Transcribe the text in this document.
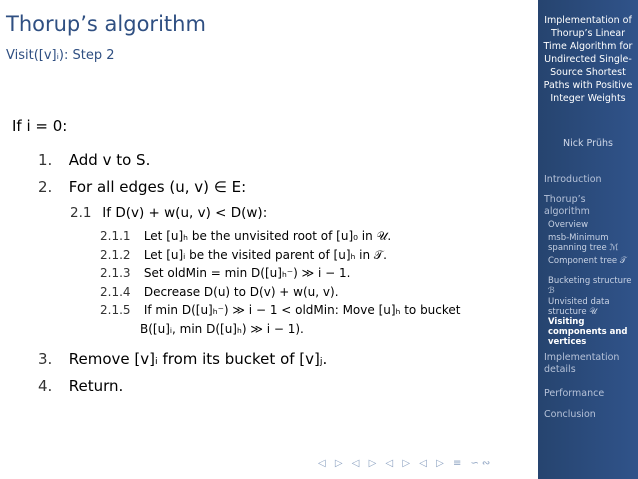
Thorup’s algorithm
Visit([v]ᵢ): Step 2
If i = 0:
1. Add v to S.
2. For all edges (u, v) ∈ E:
2.1 If D(v) + w(u, v) < D(w):
2.1.1 Let [u]ₕ be the unvisited root of [u]₀ in 𝒰.
2.1.2 Let [u]ᵢ be the visited parent of [u]ₕ in 𝒯.
2.1.3 Set oldMin = min D([u]ₕ⁻) ≫ i − 1.
2.1.4 Decrease D(u) to D(v) + w(u, v).
2.1.5 If min D([u]ₕ⁻) ≫ i − 1 < oldMin: Move [u]ₕ to bucket
B([u]ᵢ, min D([u]ₕ) ≫ i − 1).
3. Remove [v]ᵢ from its bucket of [v]ⱼ.
4. Return.
◁ ▷ ◁ ▷ ◁ ▷ ◁ ▷ ≡ ∽∾
Implementation of Thorup’s Linear Time Algorithm for Undirected Single-Source Shortest Paths with Positive Integer Weights
Nick Prühs
Introduction
Thorup’s algorithm
Overview
msb-Minimum spanning tree ℳ
Component tree 𝒯
Bucketing structure ℬ
Unvisited data structure 𝒰
Visiting components and vertices
Implementation details
Performance
Conclusion
